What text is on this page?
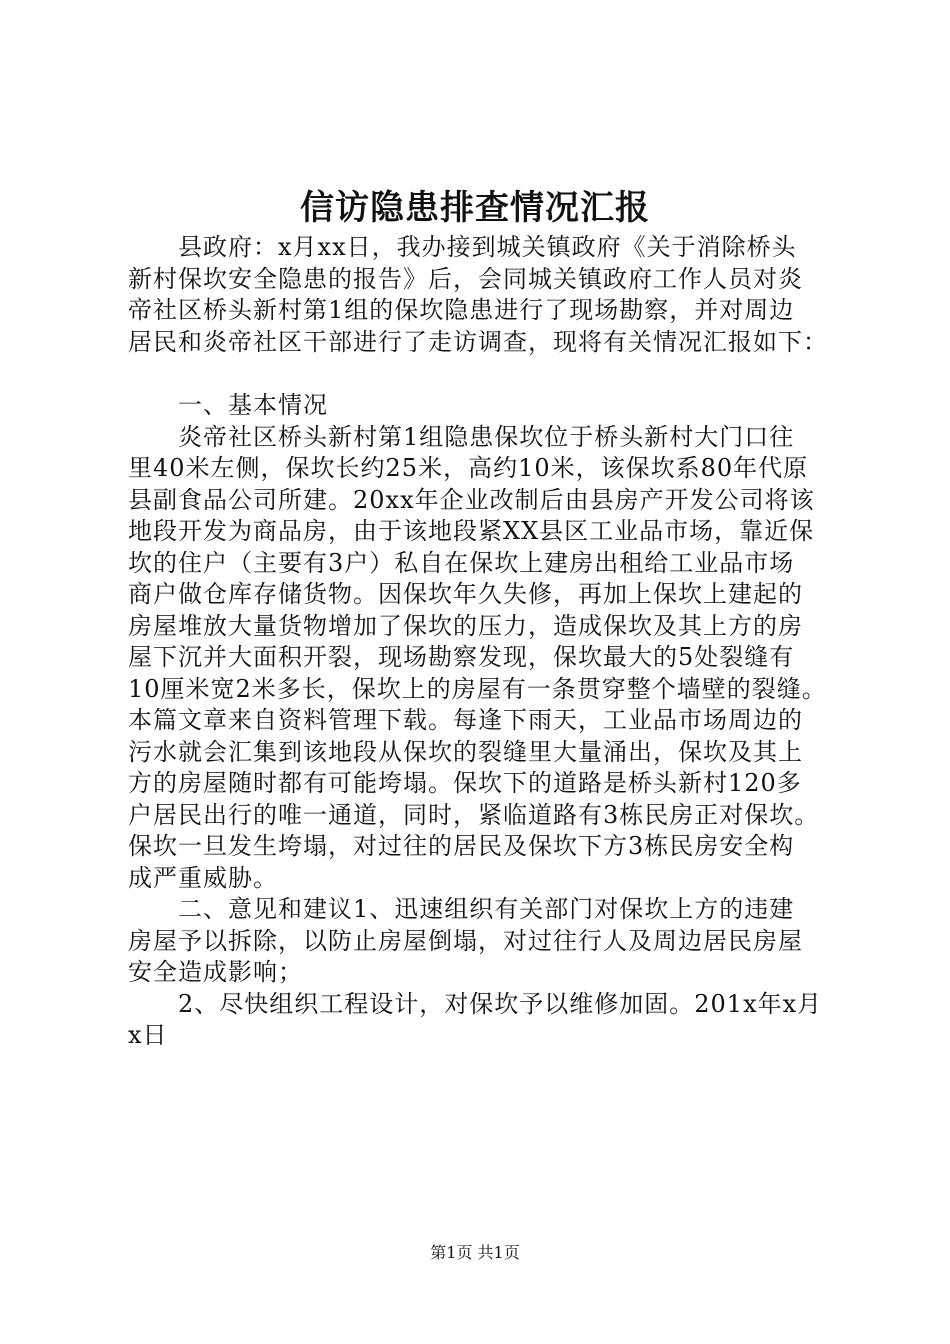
信访隐患排查情况汇报
　　县政府：x月xx日，我办接到城关镇政府《关于消除桥头
新村保坎安全隐患的报告》后，会同城关镇政府工作人员对炎
帝社区桥头新村第1组的保坎隐患进行了现场勘察，并对周边
居民和炎帝社区干部进行了走访调查，现将有关情况汇报如下：
　　一、基本情况
　　炎帝社区桥头新村第1组隐患保坎位于桥头新村大门口往
里40米左侧，保坎长约25米，高约10米，该保坎系80年代原
县副食品公司所建。20xx年企业改制后由县房产开发公司将该
地段开发为商品房，由于该地段紧XX县区工业品市场，靠近保
坎的住户（主要有3户）私自在保坎上建房出租给工业品市场
商户做仓库存储货物。因保坎年久失修，再加上保坎上建起的
房屋堆放大量货物增加了保坎的压力，造成保坎及其上方的房
屋下沉并大面积开裂，现场勘察发现，保坎最大的5处裂缝有
10厘米宽2米多长，保坎上的房屋有一条贯穿整个墙壁的裂缝。
本篇文章来自资料管理下载。每逢下雨天，工业品市场周边的
污水就会汇集到该地段从保坎的裂缝里大量涌出，保坎及其上
方的房屋随时都有可能垮塌。保坎下的道路是桥头新村120多
户居民出行的唯一通道，同时，紧临道路有3栋民房正对保坎。
保坎一旦发生垮塌，对过往的居民及保坎下方3栋民房安全构
成严重威胁。
　　二、意见和建议1、迅速组织有关部门对保坎上方的违建
房屋予以拆除，以防止房屋倒塌，对过往行人及周边居民房屋
安全造成影响；
　　2、尽快组织工程设计，对保坎予以维修加固。201x年x月
x日
第1页 共1页
